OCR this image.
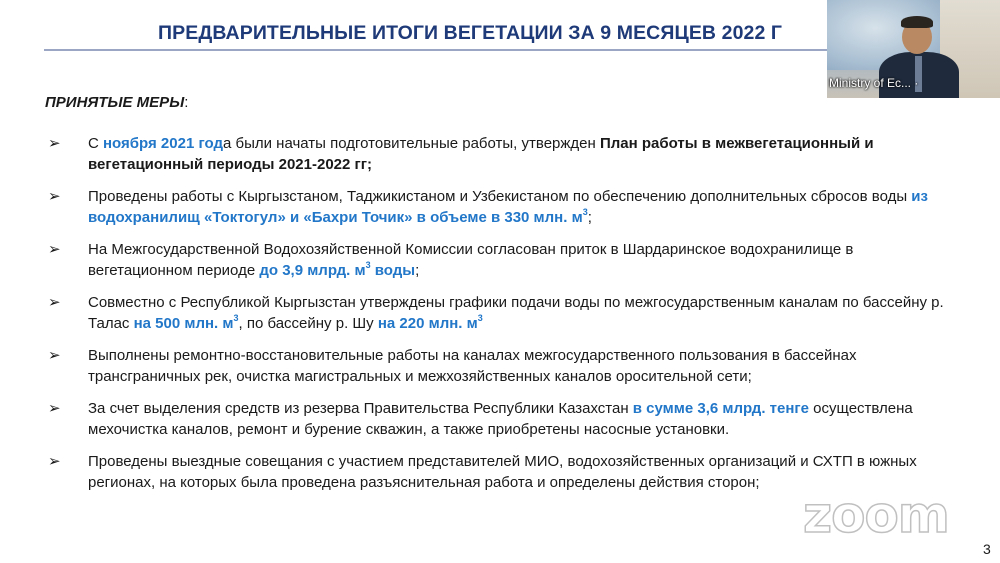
ПРЕДВАРИТЕЛЬНЫЕ ИТОГИ ВЕГЕТАЦИИ ЗА 9 МЕСЯЦЕВ 2022 Г
ПРИНЯТЫЕ МЕРЫ:
➢	С ноября 2021 года были начаты подготовительные работы, утвержден План работы в межвегетационный и вегетационный периоды 2021-2022 гг;
➢	Проведены работы с Кыргызстаном, Таджикистаном и Узбекистаном по обеспечению дополнительных сбросов воды из водохранилищ «Токтогул» и «Бахри Точик» в объеме в 330 млн. $м^3$;
➢	На Межгосударственной Водохозяйственной Комиссии согласован приток в Шардаринское водохранилище в вегетационном периоде до 3,9 млрд. $м^3$ воды;
➢	Совместно с Республикой Кыргызстан утверждены графики подачи воды по межгосударственным каналам по бассейну р. Талас на 500 млн. $м^3$, по бассейну р. Шу на 220 млн. $м^3$
➢	Выполнены ремонтно-восстановительные работы на каналах межгосударственного пользования в бассейнах трансграничных рек, очистка магистральных и межхозяйственных каналов оросительной сети;
➢	За счет выделения средств из резерва Правительства Республики Казахстан в сумме 3,6 млрд. тенге осуществлена мехочистка каналов, ремонт и бурение скважин, а также приобретены насосные установки.
➢	Проведены выездные совещания с участием представителей МИО, водохозяйственных организаций и СХТП в южных регионах, на которых была проведена разъяснительная работа и определены действия сторон;
3
Ministry of Ec... ·
zoom
